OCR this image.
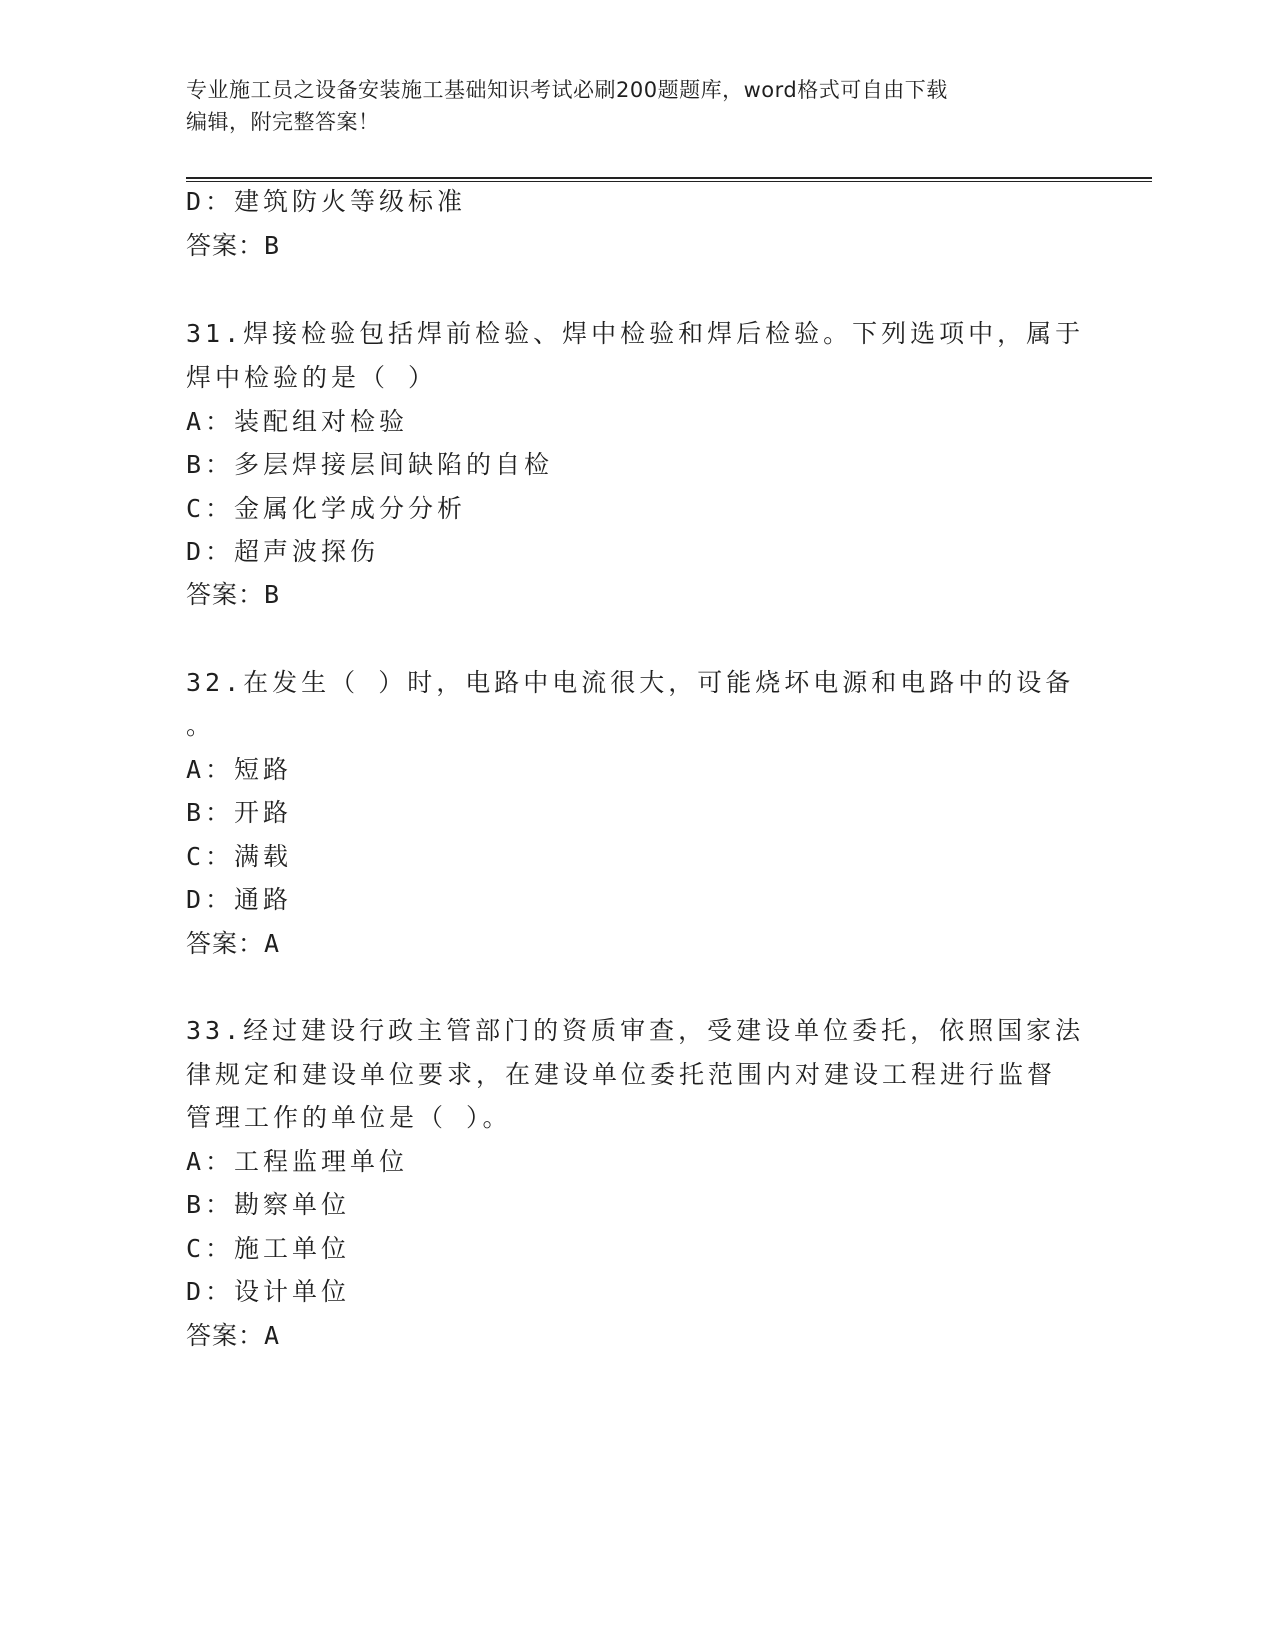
专业施工员之设备安装施工基础知识考试必刷200题题库，word格式可自由下载
编辑，附完整答案！
D：建筑防火等级标准
答案：B
31.焊接检验包括焊前检验、焊中检验和焊后检验。下列选项中，属于
焊中检验的是（ ）
A：装配组对检验
B：多层焊接层间缺陷的自检
C：金属化学成分分析
D：超声波探伤
答案：B
32.在发生（ ）时，电路中电流很大，可能烧坏电源和电路中的设备
。
A：短路
B：开路
C：满载
D：通路
答案：A
33.经过建设行政主管部门的资质审查，受建设单位委托，依照国家法
律规定和建设单位要求，在建设单位委托范围内对建设工程进行监督
管理工作的单位是（ ）。
A：工程监理单位
B：勘察单位
C：施工单位
D：设计单位
答案：A
